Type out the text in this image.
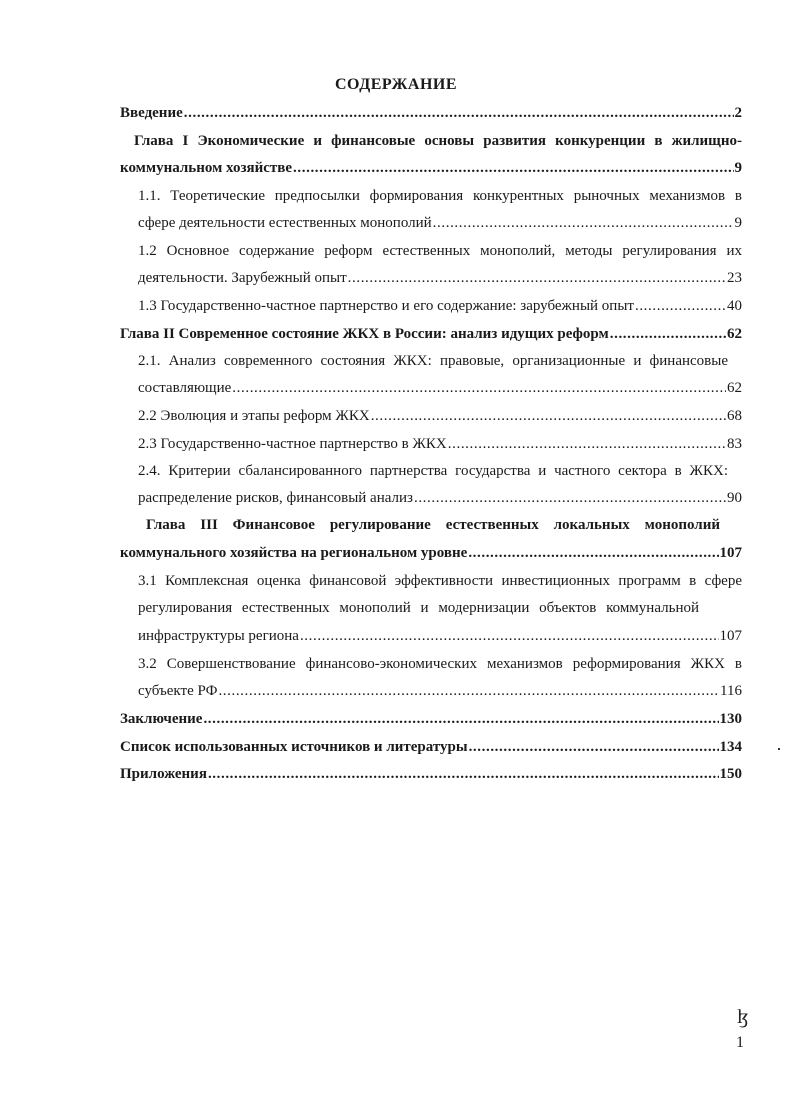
СОДЕРЖАНИЕ
Введение .....	2
Глава I Экономические и финансовые основы развития конкуренции в жилищно-
коммунальном хозяйстве .....	9
1.1. Теоретические предпосылки формирования конкурентных рыночных механизмов в
сфере деятельности естественных монополий .....	9
1.2 Основное содержание реформ естественных монополий, методы регулирования их
деятельности. Зарубежный опыт .....	23
1.3 Государственно-частное партнерство и его содержание: зарубежный опыт .....	40
Глава II Современное состояние ЖКХ в России: анализ идущих реформ .....	62
2.1. Анализ современного состояния ЖКХ: правовые, организационные и финансовые
составляющие .....	62
2.2 Эволюция и этапы реформ ЖКХ .....	68
2.3 Государственно-частное партнерство в ЖКХ .....	83
2.4. Критерии сбалансированного партнерства государства и частного сектора в ЖКХ:
распределение рисков, финансовый анализ .....	90
Глава III Финансовое регулирование естественных локальных монополий
коммунального хозяйства на региональном уровне .....	107
3.1 Комплексная оценка финансовой эффективности инвестиционных программ в сфере
регулирования естественных монополий и модернизации объектов коммунальной
инфраструктуры региона .....	107
3.2 Совершенствование финансово-экономических механизмов реформирования ЖКХ в
субъекте РФ .....	116
Заключение .....	130
Список использованных источников и литературы .....	134
Приложения .....	150
ɮ
1
